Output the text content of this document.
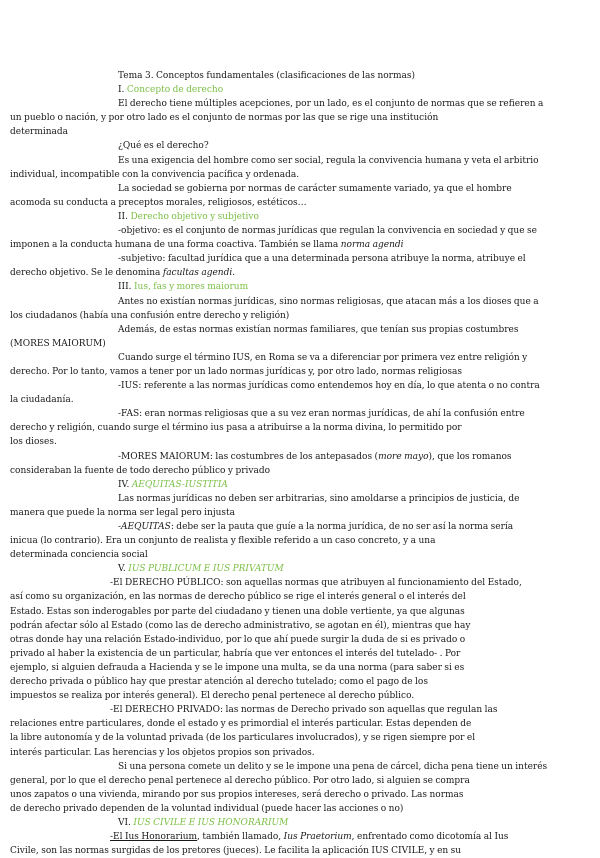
Tema 3. Conceptos fundamentales (clasificaciones de las normas)
I. Concepto de derecho
El derecho tiene múltiples acepciones, por un lado, es el conjunto de normas que se refieren a
un pueblo o nación, y por otro lado es el conjunto de normas por las que se rige una institución
determinada
¿Qué es el derecho?
Es una exigencia del hombre como ser social, regula la convivencia humana y veta el arbitrio
individual, incompatible con la convivencia pacífica y ordenada.
La sociedad se gobierna por normas de carácter sumamente variado, ya que el hombre
acomoda su conducta a preceptos morales, religiosos, estéticos…
II. Derecho objetivo y subjetivo
-objetivo: es el conjunto de normas jurídicas que regulan la convivencia en sociedad y que se
imponen a la conducta humana de una forma coactiva. También se llama norma agendi
-subjetivo: facultad jurídica que a una determinada persona atribuye la norma, atribuye el
derecho objetivo. Se le denomina facultas agendi.
III. Ius, fas y mores maiorum
Antes no existían normas jurídicas, sino normas religiosas, que atacan más a los dioses que a
los ciudadanos (había una confusión entre derecho y religión)
Además, de estas normas existían normas familiares, que tenían sus propias costumbres
(MORES MAIORUM)
Cuando surge el término IUS, en Roma se va a diferenciar por primera vez entre religión y
derecho. Por lo tanto, vamos a tener por un lado normas jurídicas y, por otro lado, normas religiosas
-IUS: referente a las normas jurídicas como entendemos hoy en día, lo que atenta o no contra
la ciudadanía.
-FAS: eran normas religiosas que a su vez eran normas jurídicas, de ahí la confusión entre
derecho y religión, cuando surge el término ius pasa a atribuirse a la norma divina, lo permitido por
los dioses.
-MORES MAIORUM: las costumbres de los antepasados (more mayo), que los romanos
consideraban la fuente de todo derecho público y privado
IV. AEQUITAS-IUSTITIA
Las normas jurídicas no deben ser arbitrarias, sino amoldarse a principios de justicia, de
manera que puede la norma ser legal pero injusta
-AEQUITAS: debe ser la pauta que guíe a la norma jurídica, de no ser así la norma sería
inicua (lo contrario). Era un conjunto de realista y flexible referido a un caso concreto, y a una
determinada conciencia social
V. IUS PUBLICUM E IUS PRIVATUM
-El DERECHO PÚBLICO: son aquellas normas que atribuyen al funcionamiento del Estado,
así como su organización, en las normas de derecho público se rige el interés general o el interés del
Estado. Estas son inderogables por parte del ciudadano y tienen una doble vertiente, ya que algunas
podrán afectar sólo al Estado (como las de derecho administrativo, se agotan en él), mientras que hay
otras donde hay una relación Estado-individuo, por lo que ahí puede surgir la duda de si es privado o
privado al haber la existencia de un particular, habría que ver entonces el interés del tutelado- . Por
ejemplo, si alguien defrauda a Hacienda y se le impone una multa, se da una norma (para saber si es
derecho privada o público hay que prestar atención al derecho tutelado; como el pago de los
impuestos se realiza por interés general). El derecho penal pertenece al derecho público.
-El DERECHO PRIVADO: las normas de Derecho privado son aquellas que regulan las
relaciones entre particulares, donde el estado y es primordial el interés particular. Estas dependen de
la libre autonomía y de la voluntad privada (de los particulares involucrados), y se rigen siempre por el
interés particular. Las herencias y los objetos propios son privados.
Si una persona comete un delito y se le impone una pena de cárcel, dicha pena tiene un interés
general, por lo que el derecho penal pertenece al derecho público. Por otro lado, si alguien se compra
unos zapatos o una vivienda, mirando por sus propios intereses, será derecho o privado. Las normas
de derecho privado dependen de la voluntad individual (puede hacer las acciones o no)
VI. IUS CIVILE E IUS HONORARIUM
-El Ius Honorarium, también llamado, Ius Praetorium, enfrentado como dicotomía al Ius
Civile, son las normas surgidas de los pretores (jueces). Le facilita la aplicación IUS CIVILE, y en su
